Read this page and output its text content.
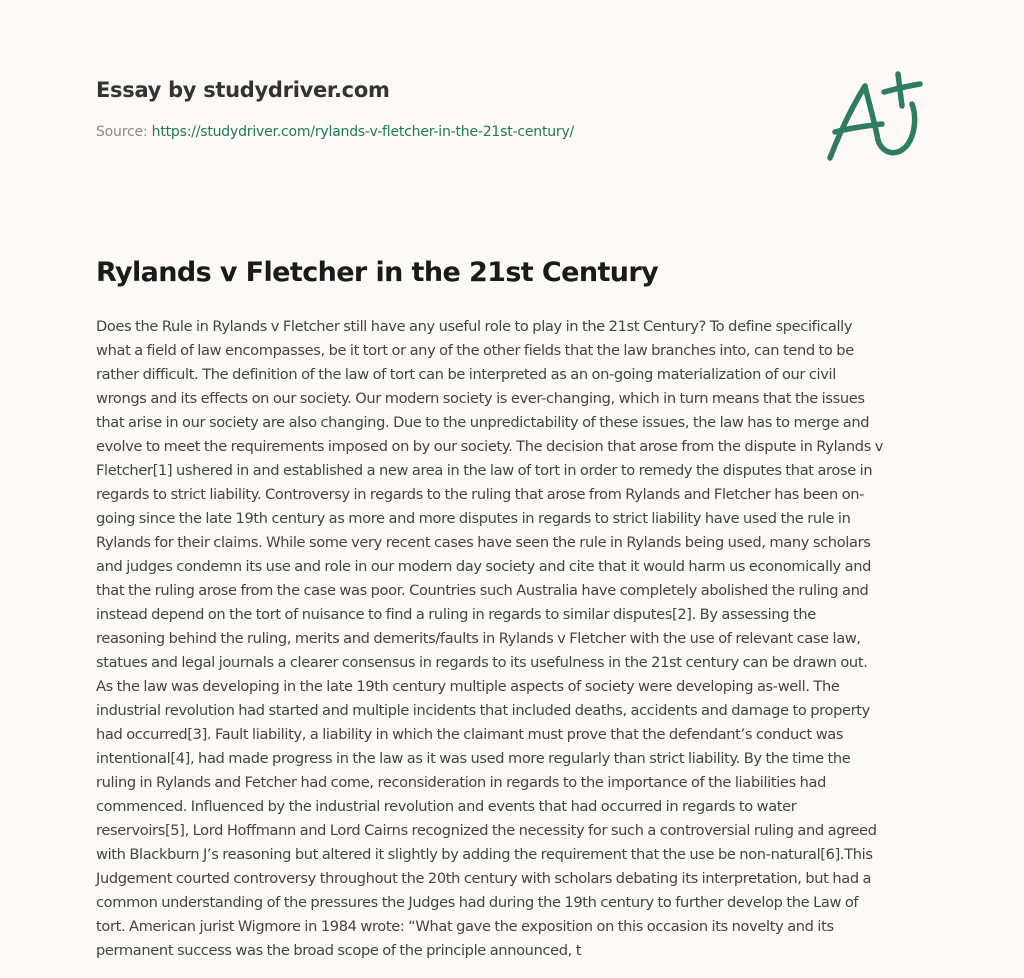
Essay by studydriver.com
Source: https://studydriver.com/rylands-v-fletcher-in-the-21st-century/
Rylands v Fletcher in the 21st Century
Does the Rule in Rylands v Fletcher still have any useful role to play in the 21st Century? To define specifically
what a field of law encompasses, be it tort or any of the other fields that the law branches into, can tend to be
rather difficult. The definition of the law of tort can be interpreted as an on-going materialization of our civil
wrongs and its effects on our society. Our modern society is ever-changing, which in turn means that the issues
that arise in our society are also changing. Due to the unpredictability of these issues, the law has to merge and
evolve to meet the requirements imposed on by our society. The decision that arose from the dispute in Rylands v
Fletcher[1] ushered in and established a new area in the law of tort in order to remedy the disputes that arose in
regards to strict liability. Controversy in regards to the ruling that arose from Rylands and Fletcher has been on-
going since the late 19th century as more and more disputes in regards to strict liability have used the rule in
Rylands for their claims. While some very recent cases have seen the rule in Rylands being used, many scholars
and judges condemn its use and role in our modern day society and cite that it would harm us economically and
that the ruling arose from the case was poor. Countries such Australia have completely abolished the ruling and
instead depend on the tort of nuisance to find a ruling in regards to similar disputes[2]. By assessing the
reasoning behind the ruling, merits and demerits/faults in Rylands v Fletcher with the use of relevant case law,
statues and legal journals a clearer consensus in regards to its usefulness in the 21st century can be drawn out.
As the law was developing in the late 19th century multiple aspects of society were developing as-well. The
industrial revolution had started and multiple incidents that included deaths, accidents and damage to property
had occurred[3]. Fault liability, a liability in which the claimant must prove that the defendant’s conduct was
intentional[4], had made progress in the law as it was used more regularly than strict liability. By the time the
ruling in Rylands and Fetcher had come, reconsideration in regards to the importance of the liabilities had
commenced. Influenced by the industrial revolution and events that had occurred in regards to water
reservoirs[5], Lord Hoffmann and Lord Cairns recognized the necessity for such a controversial ruling and agreed
with Blackburn J’s reasoning but altered it slightly by adding the requirement that the use be non-natural[6].This
Judgement courted controversy throughout the 20th century with scholars debating its interpretation, but had a
common understanding of the pressures the Judges had during the 19th century to further develop the Law of
tort. American jurist Wigmore in 1984 wrote: “What gave the exposition on this occasion its novelty and its
permanent success was the broad scope of the principle announced, t
